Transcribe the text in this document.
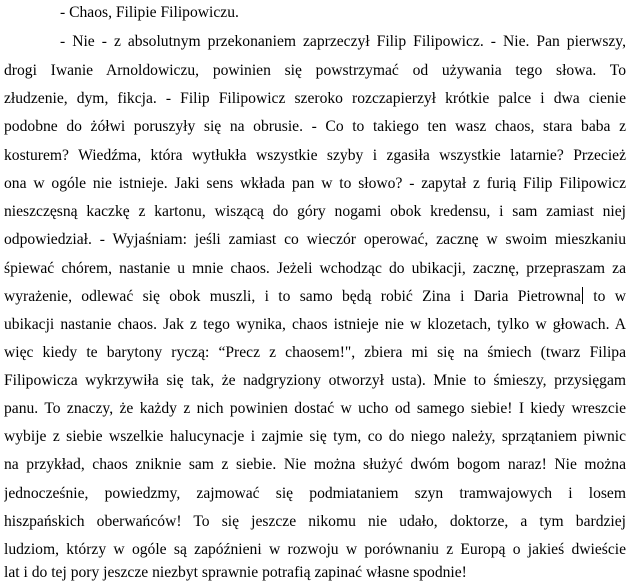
- Chaos, Filipie Filipowiczu.
- Nie - z absolutnym przekonaniem zaprzeczył Filip Filipowicz. - Nie. Pan pierwszy,
drogi Iwanie Arnoldowiczu, powinien się powstrzymać od używania tego słowa. To
złudzenie, dym, fikcja. - Filip Filipowicz szeroko rozczapierzył krótkie palce i dwa cienie
podobne do żółwi poruszyły się na obrusie. - Co to takiego ten wasz chaos, stara baba z
kosturem? Wiedźma, która wytłukła wszystkie szyby i zgasiła wszystkie latarnie? Przecież
ona w ogóle nie istnieje. Jaki sens wkłada pan w to słowo? - zapytał z furią Filip Filipowicz
nieszczęsną kaczkę z kartonu, wiszącą do góry nogami obok kredensu, i sam zamiast niej
odpowiedział. - Wyjaśniam: jeśli zamiast co wieczór operować, zacznę w swoim mieszkaniu
śpiewać chórem, nastanie u mnie chaos. Jeżeli wchodząc do ubikacji, zacznę, przepraszam za
wyrażenie, odlewać się obok muszli, i to samo będą robić Zina i Daria Pietrowna to w
ubikacji nastanie chaos. Jak z tego wynika, chaos istnieje nie w klozetach, tylko w głowach. A
więc kiedy te barytony ryczą: “Precz z chaosem!", zbiera mi się na śmiech (twarz Filipa
Filipowicza wykrzywiła się tak, że nadgryziony otworzył usta). Mnie to śmieszy, przysięgam
panu. To znaczy, że każdy z nich powinien dostać w ucho od samego siebie! I kiedy wreszcie
wybije z siebie wszelkie halucynacje i zajmie się tym, co do niego należy, sprzątaniem piwnic
na przykład, chaos zniknie sam z siebie. Nie można służyć dwóm bogom naraz! Nie można
jednocześnie, powiedzmy, zajmować się podmiataniem szyn tramwajowych i losem
hiszpańskich oberwańców! To się jeszcze nikomu nie udało, doktorze, a tym bardziej
ludziom, którzy w ogóle są zapóźnieni w rozwoju w porównaniu z Europą o jakieś dwieście
lat i do tej pory jeszcze niezbyt sprawnie potrafią zapinać własne spodnie!
